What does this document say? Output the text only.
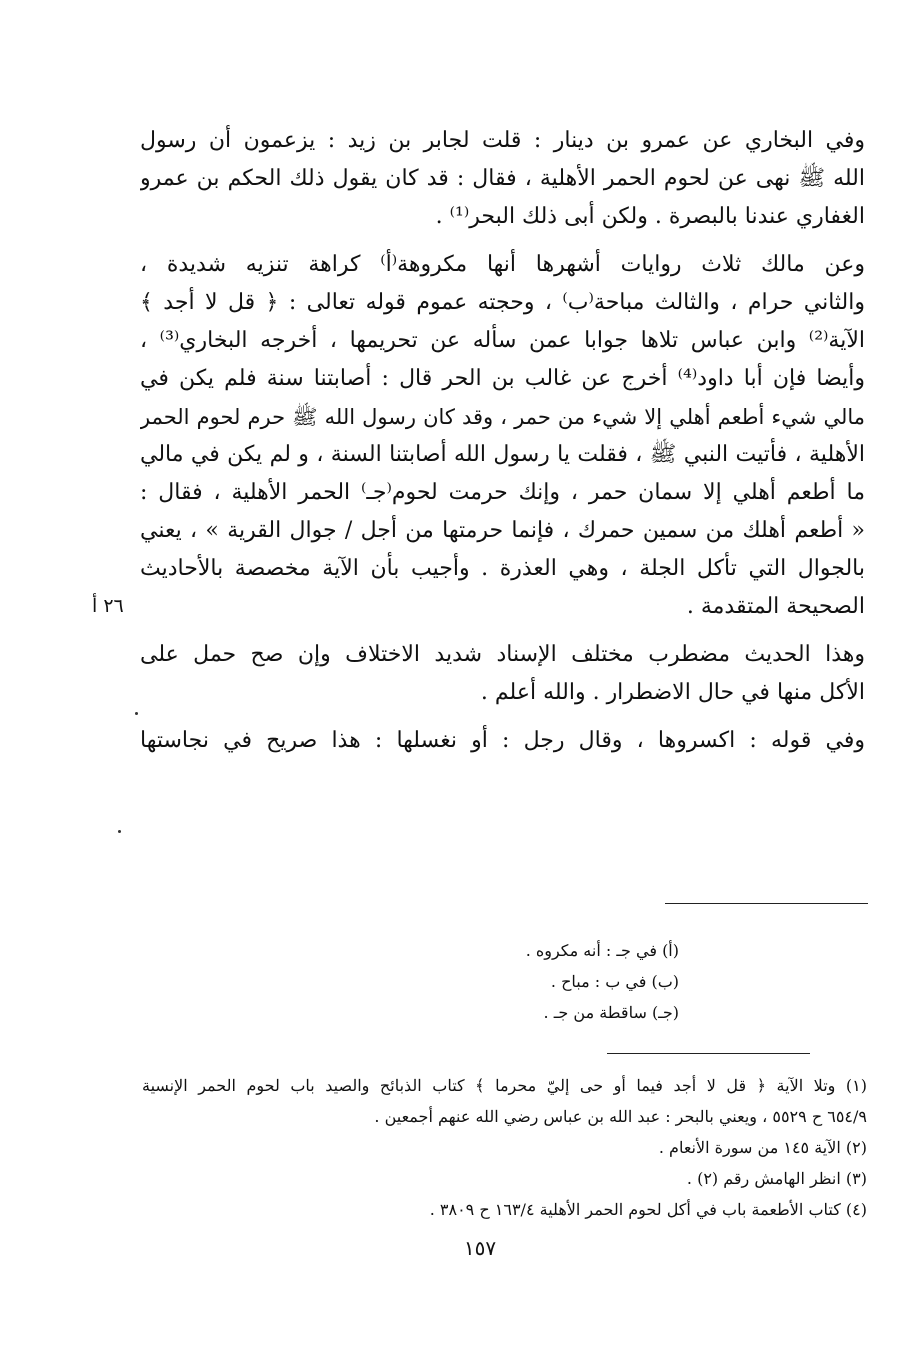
وفي البخاري عن عمرو بن دينار : قلت لجابر بن زيد : يزعمون أن رسول
الله ﷺ نهى عن لحوم الحمر الأهلية ، فقال : قد كان يقول ذلك الحكم بن عمرو
الغفاري عندنا بالبصرة . ولكن أبى ذلك البحر⁽¹⁾ .
وعن مالك ثلاث روايات أشهرها أنها مكروهة⁽أ⁾ كراهة تنزيه شديدة ،
والثاني حرام ، والثالث مباحة⁽ب⁾ ، وحجته عموم قوله تعالى : ﴿ قل لا أجد ﴾
الآية⁽²⁾ وابن عباس تلاها جوابا عمن سأله عن تحريمها ، أخرجه البخاري⁽³⁾ ،
وأيضا فإن أبا داود⁽⁴⁾ أخرج عن غالب بن الحر قال : أصابتنا سنة فلم يكن في
مالي شيء أطعم أهلي إلا شيء من حمر ، وقد كان رسول الله ﷺ حرم لحوم الحمر
الأهلية ، فأتيت النبي ﷺ ، فقلت يا رسول الله أصابتنا السنة ، و لم يكن في مالي
ما أطعم أهلي إلا سمان حمر ، وإنك حرمت لحوم⁽جـ⁾ الحمر الأهلية ، فقال :
« أطعم أهلك من سمين حمرك ، فإنما حرمتها من أجل / جوال القرية » ، يعني
بالجوال التي تأكل الجلة ، وهي العذرة . وأجيب بأن الآية مخصصة بالأحاديث
الصحيحة المتقدمة .
وهذا الحديث مضطرب مختلف الإسناد شديد الاختلاف وإن صح حمل على
الأكل منها في حال الاضطرار . والله أعلم .
وفي قوله : اكسروها ، وقال رجل : أو نغسلها : هذا صريح في نجاستها
٢٦ أ
(أ) في جـ : أنه مكروه .
(ب) في ب : مباح .
(جـ) ساقطة من جـ .
(١) وتلا الآية ﴿ قل لا أجد فيما أو حى إليّ محرما ﴾ كتاب الذبائح والصيد باب لحوم الحمر الإنسية
٦٥٤/٩ ح ٥٥٢٩ ، ويعني بالبحر : عبد الله بن عباس رضي الله عنهم أجمعين .
(٢) الآية ١٤٥ من سورة الأنعام .
(٣) انظر الهامش رقم (٢) .
(٤) كتاب الأطعمة باب في أكل لحوم الحمر الأهلية ١٦٣/٤ ح ٣٨٠٩ .
١٥٧
